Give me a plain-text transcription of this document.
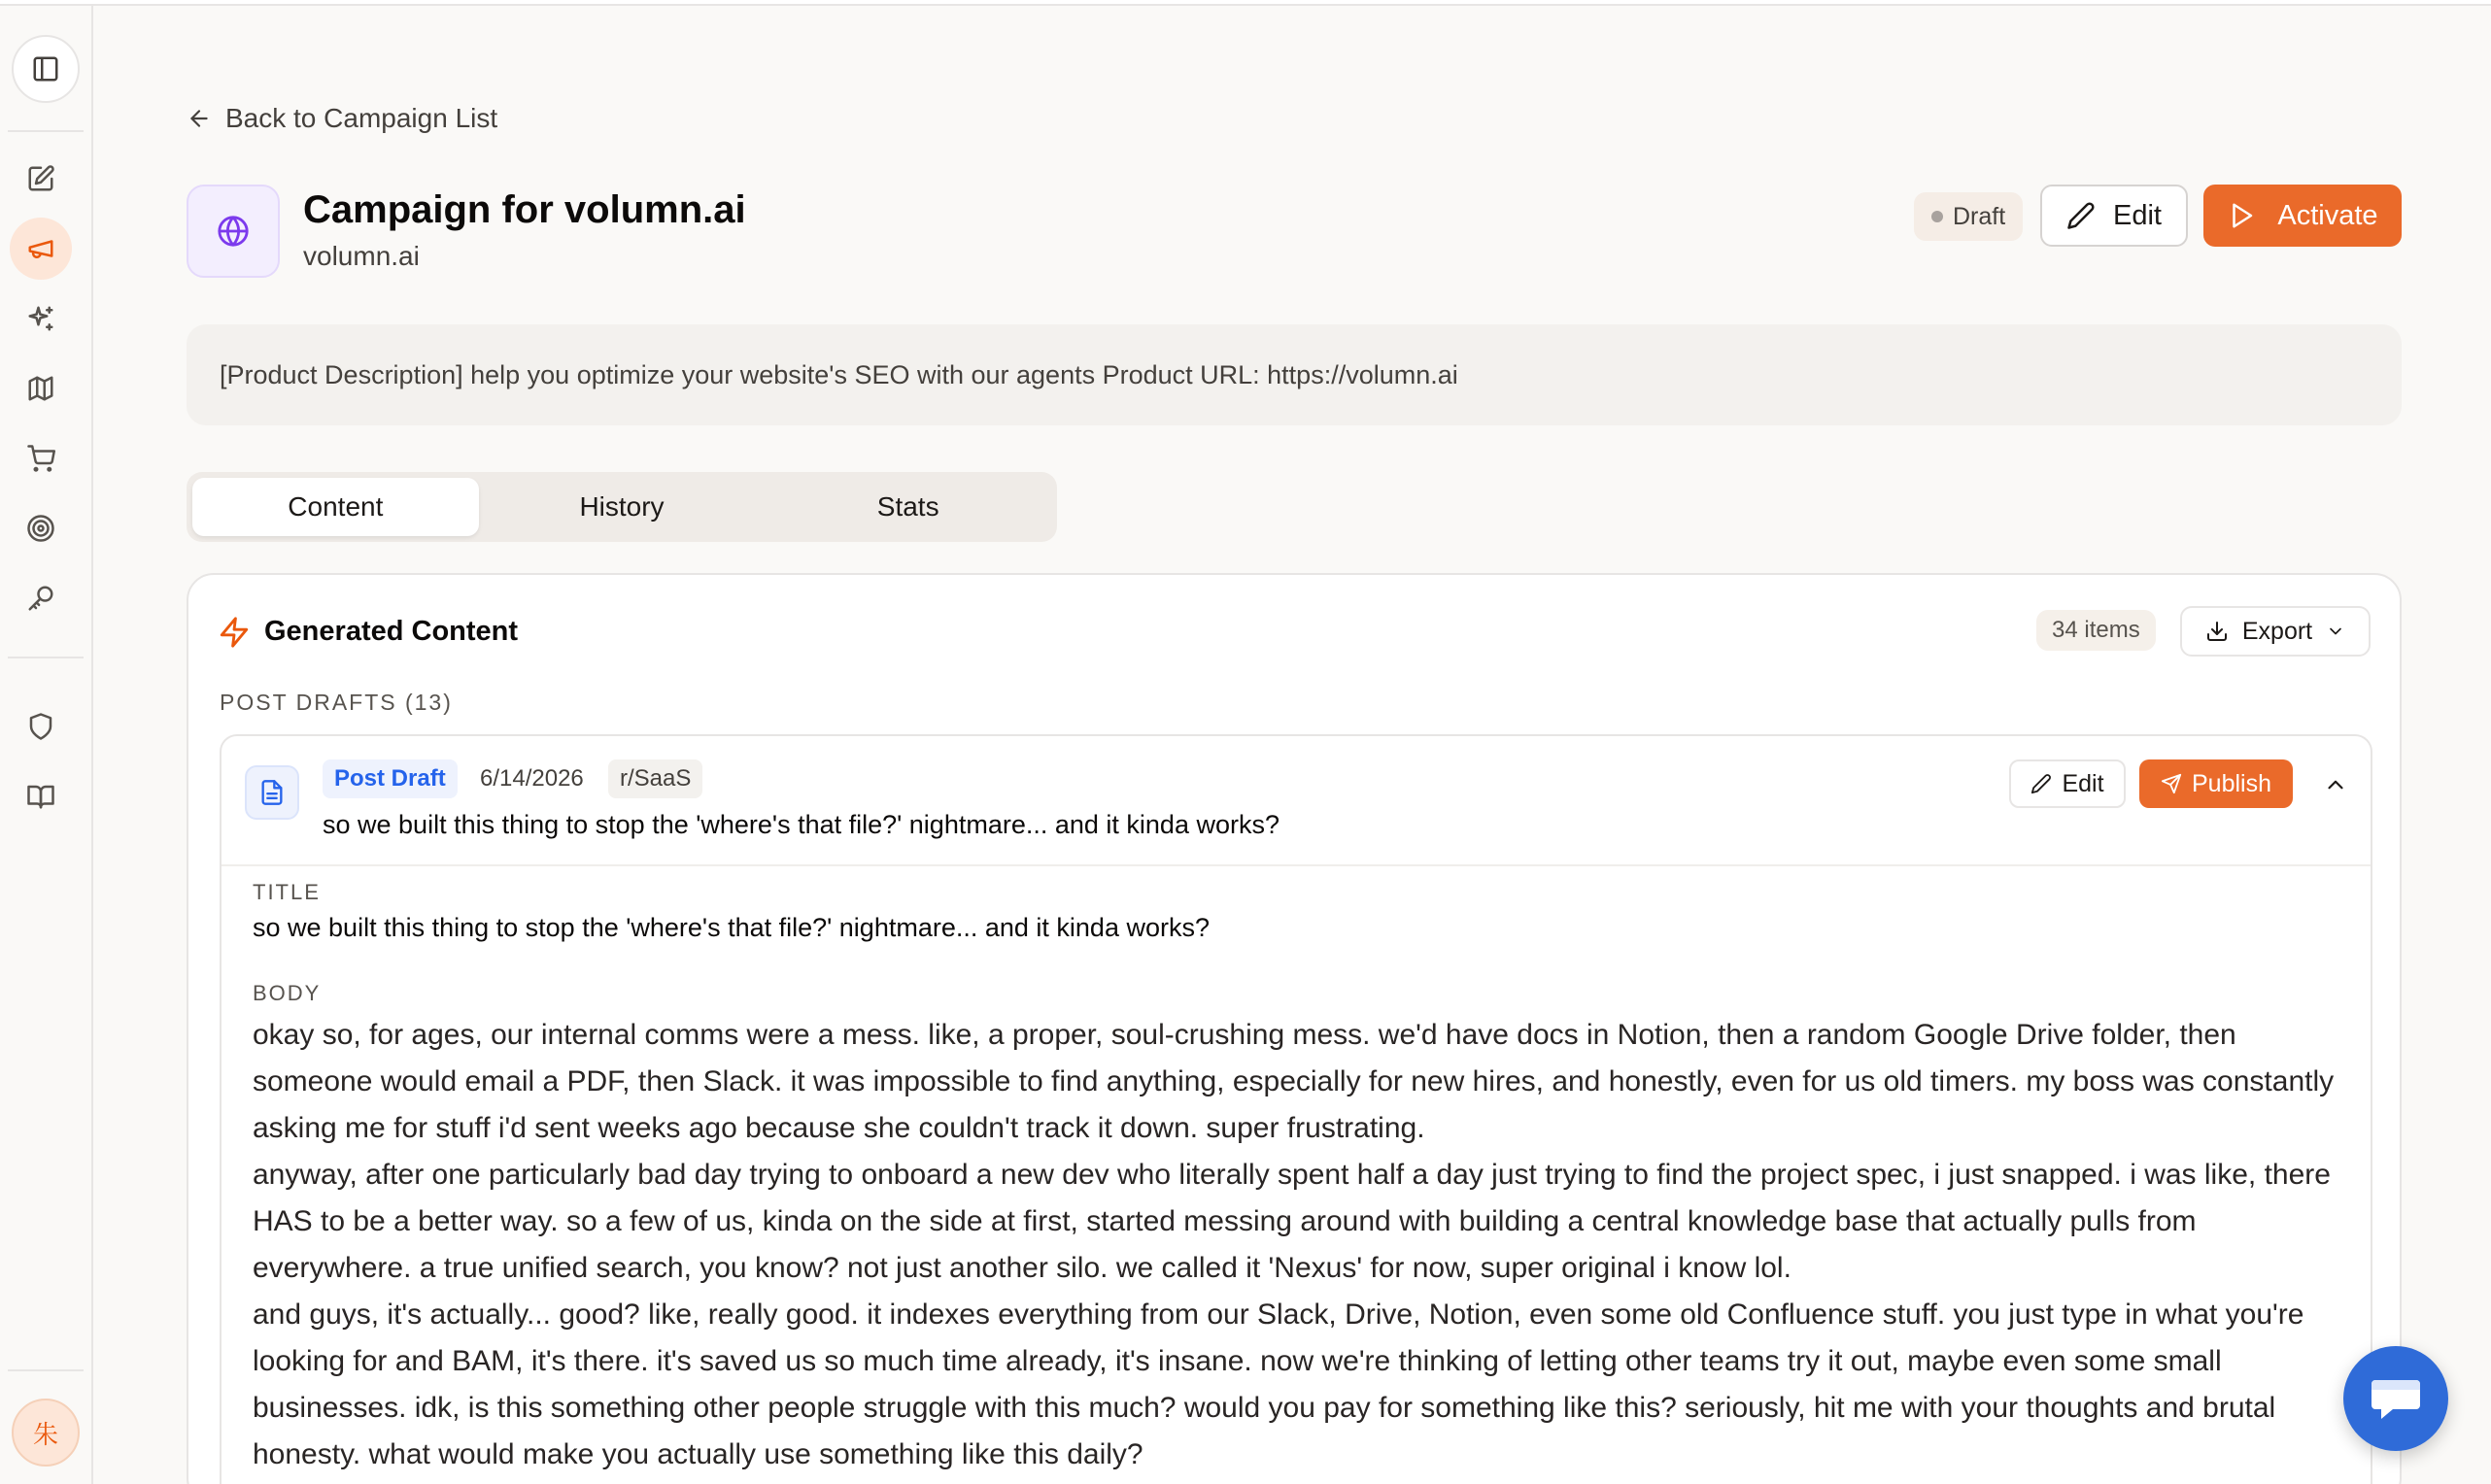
朱
Back to Campaign List
Campaign for volumn.ai
volumn.ai
Draft	Edit	Activate
[Product Description] help you optimize your website's SEO with our agents Product URL: https://volumn.ai
Content	History	Stats
Generated Content	34 items	Export
POST DRAFTS (13)
Post Draft	6/14/2026	r/SaaS
so we built this thing to stop the 'where's that file?' nightmare... and it kinda works?
Edit	Publish
TITLE
so we built this thing to stop the 'where's that file?' nightmare... and it kinda works?
BODY

okay so, for ages, our internal comms were a mess. like, a proper, soul-crushing mess. we'd have docs in Notion, then a random Google Drive folder, then someone would email a PDF, then Slack. it was impossible to find anything, especially for new hires, and honestly, even for us old timers. my boss was constantly asking me for stuff i'd sent weeks ago because she couldn't track it down. super frustrating.

anyway, after one particularly bad day trying to onboard a new dev who literally spent half a day just trying to find the project spec, i just snapped. i was like, there HAS to be a better way. so a few of us, kinda on the side at first, started messing around with building a central knowledge base that actually pulls from everywhere. a true unified search, you know? not just another silo. we called it 'Nexus' for now, super original i know lol.

and guys, it's actually... good? like, really good. it indexes everything from our Slack, Drive, Notion, even some old Confluence stuff. you just type in what you're looking for and BAM, it's there. it's saved us so much time already, it's insane. now we're thinking of letting other teams try it out, maybe even some small businesses. idk, is this something other people struggle with this much? would you pay for something like this? seriously, hit me with your thoughts and brutal honesty. what would make you actually use something like this daily?
